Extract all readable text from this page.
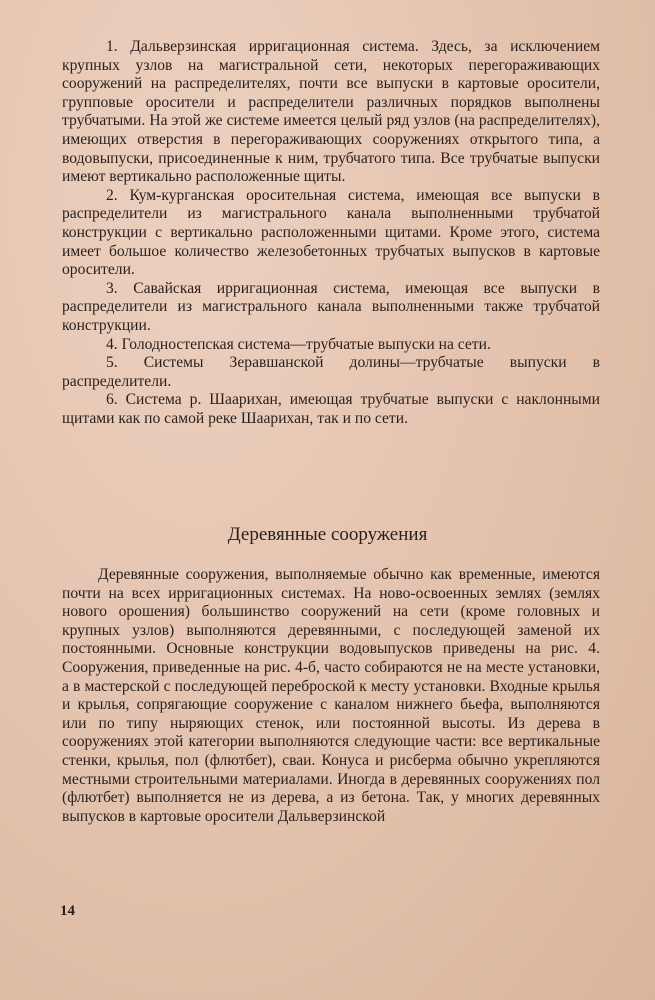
1. Дальверзинская ирригационная система. Здесь, за исключением крупных узлов на магистральной сети, некоторых перегораживающих сооружений на распределителях, почти все выпуски в картовые оросители, групповые оросители и распределители различных порядков выполнены трубчатыми. На этой же системе имеется целый ряд узлов (на распределителях), имеющих отверстия в перегораживающих сооружениях открытого типа, а водовыпуски, присоединенные к ним, трубчатого типа. Все трубчатые выпуски имеют вертикально расположенные щиты.

2. Кум-курганская оросительная система, имеющая все выпуски в распределители из магистрального канала выполненными трубчатой конструкции с вертикально расположенными щитами. Кроме этого, система имеет большое количество железобетонных трубчатых выпусков в картовые оросители.

3. Савайская ирригационная система, имеющая все выпуски в распределители из магистрального канала выполненными также трубчатой конструкции.

4. Голодностепская система—трубчатые выпуски на сети.

5. Системы Зеравшанской долины—трубчатые выпуски в распределители.

6. Система р. Шаарихан, имеющая трубчатые выпуски с наклонными щитами как по самой реке Шаарихан, так и по сети.

Деревянные сооружения

Деревянные сооружения, выполняемые обычно как временные, имеются почти на всех ирригационных системах. На ново-освоенных землях (землях нового орошения) большинство сооружений на сети (кроме головных и крупных узлов) выполняются деревянными, с последующей заменой их постоянными. Основные конструкции водовыпусков приведены на рис. 4. Сооружения, приведенные на рис. 4-б, часто собираются не на месте установки, а в мастерской с последующей переброской к месту установки. Входные крылья и крылья, сопрягающие сооружение с каналом нижнего бьефа, выполняются или по типу ныряющих стенок, или постоянной высоты. Из дерева в сооружениях этой категории выполняются следующие части: все вертикальные стенки, крылья, пол (флютбет), сваи. Конуса и рисберма обычно укрепляются местными строительными материалами. Иногда в деревянных сооружениях пол (флютбет) выполняется не из дерева, а из бетона. Так, у многих деревянных выпусков в картовые оросители Дальверзинской

14
